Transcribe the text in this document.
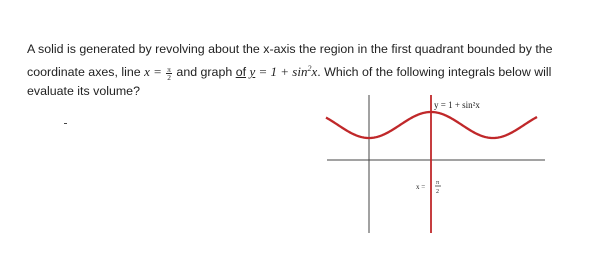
A solid is generated by revolving about the x-axis the region in the first quadrant bounded by the
coordinate axes, line $x = \frac{\pi}{2}$ and graph of $y = 1 + \sin^2x$. Which of the following integrals below will
evaluate its volume?
y = 1 + sin²x
x = π
2
